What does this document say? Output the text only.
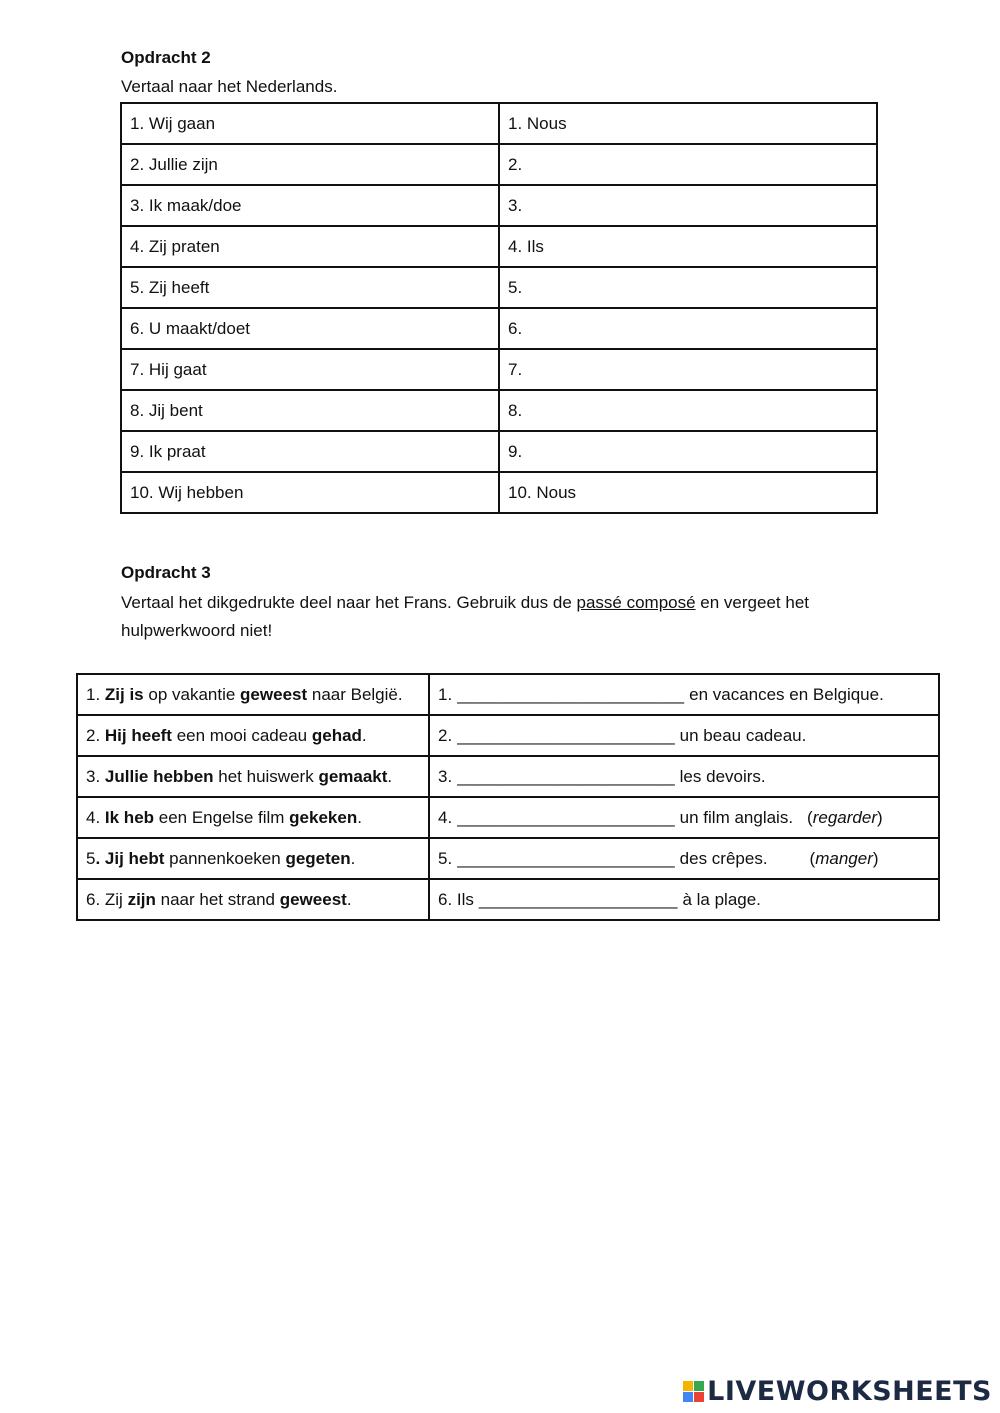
Opdracht 2
Vertaal naar het Nederlands.
1. Wij gaan	1. Nous
2. Jullie zijn	2.
3. Ik maak/doe	3.
4. Zij praten	4. Ils
5. Zij heeft	5.
6. U maakt/doet	6.
7. Hij gaat	7.
8. Jij bent	8.
9. Ik praat	9.
10. Wij hebben	10. Nous
Opdracht 3
Vertaal het dikgedrukte deel naar het Frans. Gebruik dus de passé composé en vergeet het
hulpwerkwoord niet!
1. Zij is op vakantie geweest naar België.	1. ________________________ en vacances en Belgique.
2. Hij heeft een mooi cadeau gehad.	2. _______________________ un beau cadeau.
3. Jullie hebben het huiswerk gemaakt.	3. _______________________ les devoirs.
4. Ik heb een Engelse film gekeken.	4. _______________________ un film anglais. (regarder)
5. Jij hebt pannenkoeken gegeten.	5. _______________________ des crêpes. (manger)
6. Zij zijn naar het strand geweest.	6. Ils _____________________ à la plage.
LIVEWORKSHEETS
